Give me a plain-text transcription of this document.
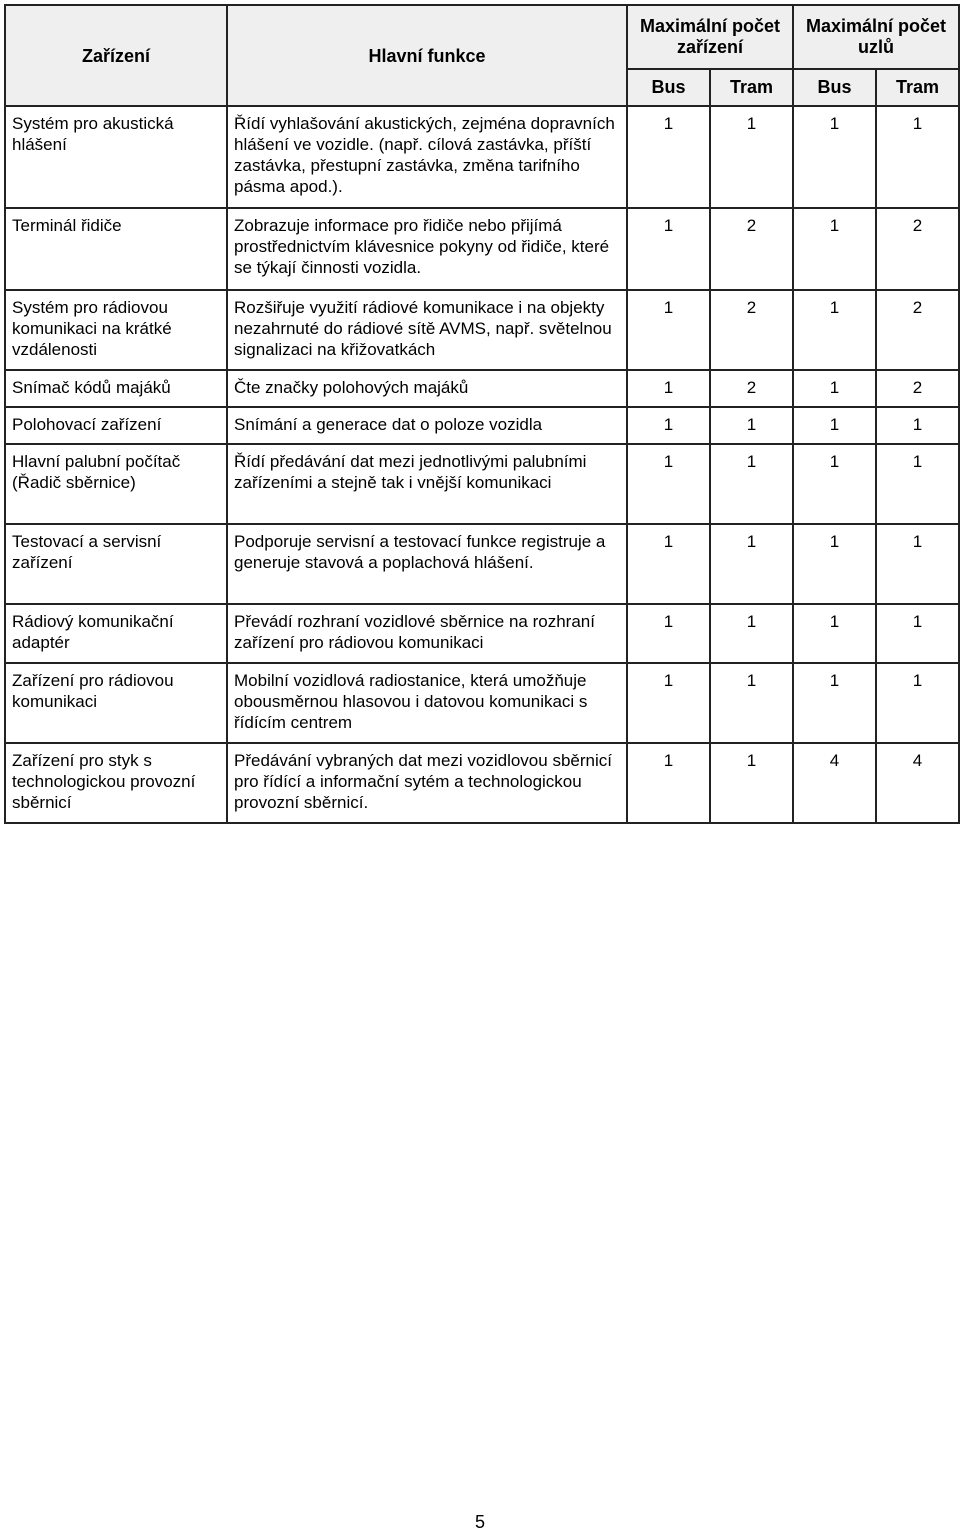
Zařízení	Hlavní funkce	Maximální počet zařízení		Maximální počet uzlů	
		Bus	Tram	Bus	Tram
Systém pro akustická hlášení	Řídí vyhlašování akustických, zejména dopravních hlášení ve vozidle. (např. cílová zastávka, příští zastávka, přestupní zastávka, změna tarifního pásma apod.).	1	1	1	1
Terminál řidiče	Zobrazuje informace pro řidiče nebo přijímá prostřednictvím klávesnice pokyny od řidiče, které se týkají činnosti vozidla.	1	2	1	2
Systém pro rádiovou komunikaci na krátké vzdálenosti	Rozšiřuje využití rádiové komunikace i na objekty nezahrnuté do rádiové sítě AVMS, např. světelnou signalizaci na křižovatkách	1	2	1	2
Snímač kódů majáků	Čte značky polohových majáků	1	2	1	2
Polohovací zařízení	Snímání a generace dat o poloze vozidla	1	1	1	1
Hlavní palubní počítač (Řadič sběrnice)	Řídí předávání dat mezi jednotlivými palubními zařízeními a stejně tak i vnější komunikaci	1	1	1	1
Testovací a servisní zařízení	Podporuje servisní a testovací funkce registruje a generuje stavová a poplachová hlášení.	1	1	1	1
Rádiový komunikační adaptér	Převádí rozhraní vozidlové sběrnice na rozhraní zařízení pro rádiovou komunikaci	1	1	1	1
Zařízení pro rádiovou komunikaci	Mobilní vozidlová radiostanice, která umožňuje obousměrnou hlasovou i datovou komunikaci s řídícím centrem	1	1	1	1
Zařízení pro styk s technologickou provozní sběrnicí	Předávání vybraných dat mezi vozidlovou sběrnicí pro řídící a informační sytém a technologickou provozní sběrnicí.	1	1	4	4
5
